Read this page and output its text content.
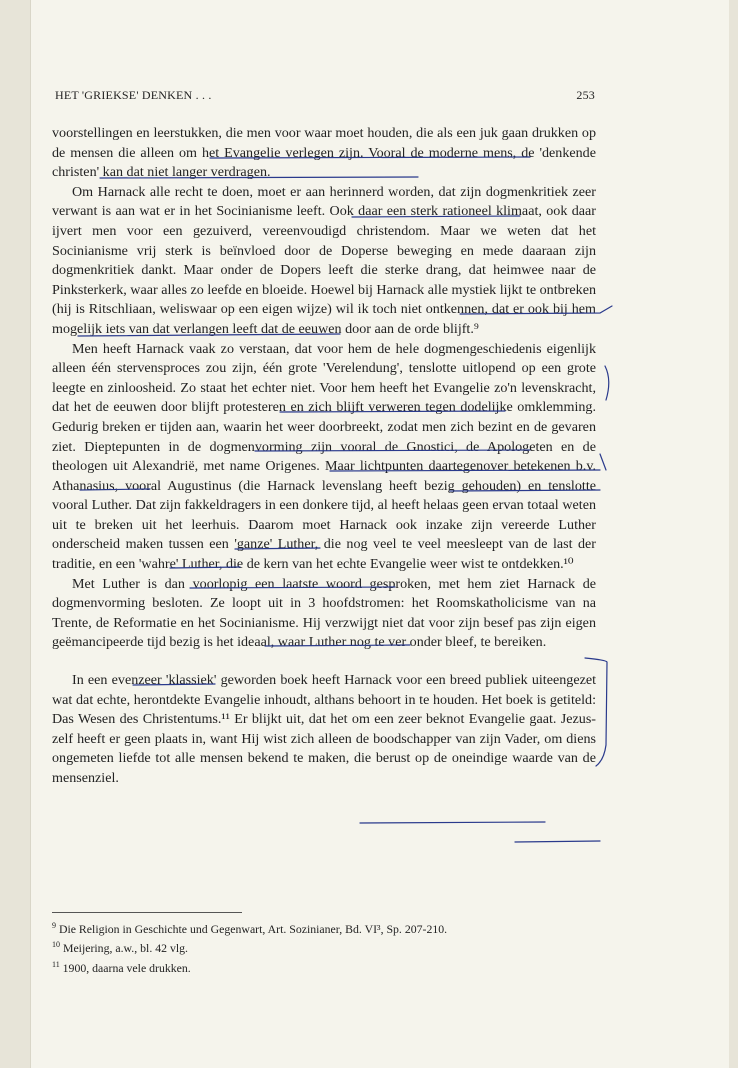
HET 'GRIEKSE' DENKEN . . .	253

voorstellingen en leerstukken, die men voor waar moet houden, die als een juk gaan drukken op de mensen die alleen om het Evangelie verlegen zijn. Vooral de moderne mens, de 'denkende christen' kan dat niet langer verdragen.

Om Harnack alle recht te doen, moet er aan herinnerd worden, dat zijn dogmenkritiek zeer verwant is aan wat er in het Socinianisme leeft. Ook daar een sterk rationeel klimaat, ook daar ijvert men voor een gezuiverd, vereenvoudigd christendom. Maar we weten dat het Socinianisme vrij sterk is beïnvloed door de Doperse beweging en mede daaraan zijn dogmenkritiek dankt. Maar onder de Dopers leeft die sterke drang, dat heimwee naar de Pinksterkerk, waar alles zo leefde en bloeide. Hoewel bij Harnack alle mystiek lijkt te ontbreken (hij is Ritschliaan, weliswaar op een eigen wijze) wil ik toch niet ontkennen, dat er ook bij hem mogelijk iets van dat verlangen leeft dat de eeuwen door aan de orde blijft.⁹

Men heeft Harnack vaak zo verstaan, dat voor hem de hele dogmengeschiedenis eigenlijk alleen één stervensproces zou zijn, één grote 'Verelendung', tenslotte uitlopend op een grote leegte en zinloosheid. Zo staat het echter niet. Voor hem heeft het Evangelie zo'n levenskracht, dat het de eeuwen door blijft protesteren en zich blijft verweren tegen dodelijke omklemming. Gedurig breken er tijden aan, waarin het weer doorbreekt, zodat men zich bezint en de gevaren ziet. Dieptepunten in de dogmenvorming zijn vooral de Gnostici, de Apologeten en de theologen uit Alexandrië, met name Origenes. Maar lichtpunten daartegenover betekenen b.v. Athanasius, vooral Augustinus (die Harnack levenslang heeft bezig gehouden) en tenslotte vooral Luther. Dat zijn fakkeldragers in een donkere tijd, al heeft helaas geen ervan totaal weten uit te breken uit het leerhuis. Daarom moet Harnack ook inzake zijn vereerde Luther onderscheid maken tussen een 'ganze' Luther, die nog veel te veel meesleept van de last der traditie, en een 'wahre' Luther, die de kern van het echte Evangelie weer wist te ontdekken.¹⁰

Met Luther is dan voorlopig een laatste woord gesproken, met hem ziet Harnack de dogmenvorming besloten. Ze loopt uit in 3 hoofdstromen: het Roomskatholicisme van na Trente, de Reformatie en het Socinianisme. Hij verzwijgt niet dat voor zijn besef pas zijn eigen geëmancipeerde tijd bezig is het ideaal, waar Luther nog te ver onder bleef, te bereiken.

In een evenzeer 'klassiek' geworden boek heeft Harnack voor een breed publiek uiteengezet wat dat echte, herontdekte Evangelie inhoudt, althans behoort in te houden. Het boek is getiteld: Das Wesen des Christentums.¹¹ Er blijkt uit, dat het om een zeer beknot Evangelie gaat. Jezus-zelf heeft er geen plaats in, want Hij wist zich alleen de boodschapper van zijn Vader, om diens ongemeten liefde tot alle mensen bekend te maken, die berust op de oneindige waarde van de mensenziel.

$^9$ Die Religion in Geschichte und Gegenwart, Art. Sozinianer, Bd. VI³, Sp. 207-210.

$^{10}$ Meijering, a.w., bl. 42 vlg.

$^{11}$ 1900, daarna vele drukken.
